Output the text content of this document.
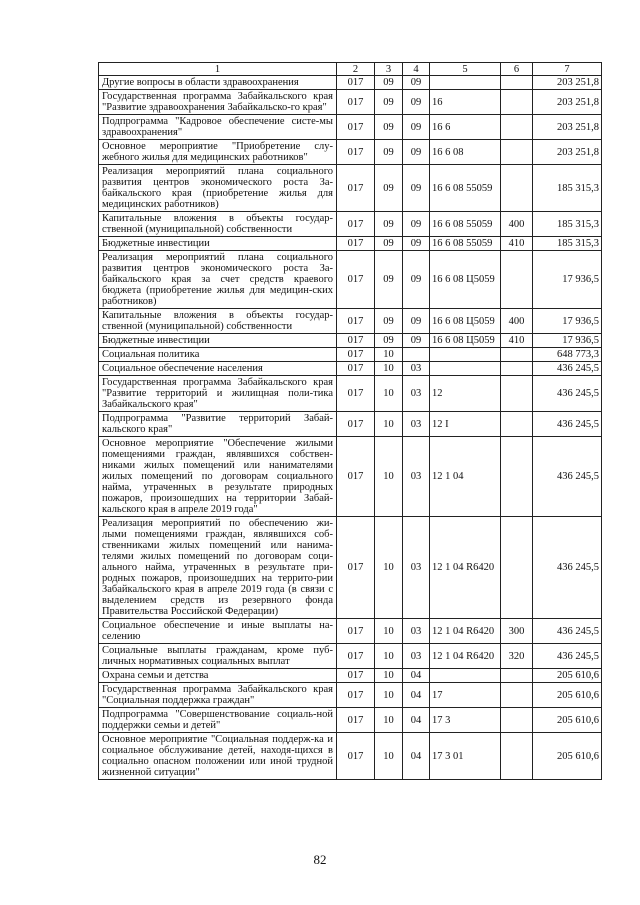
1	2	3	4	5	6	7
Другие вопросы в области здравоохранения	017	09	09			203 251,8
Государственная программа Забайкальского края "Развитие здравоохранения Забайкальско-го края"	017	09	09	16		203 251,8
Подпрограмма "Кадровое обеспечение систе-мы здравоохранения"	017	09	09	16 6		203 251,8
Основное мероприятие "Приобретение слу-жебного жилья для медицинских работников"	017	09	09	16 6 08		203 251,8
Реализация мероприятий плана социального развития центров экономического роста За-байкальского края (приобретение жилья для медицинских работников)	017	09	09	16 6 08 55059		185 315,3
Капитальные вложения в объекты государ-ственной (муниципальной) собственности	017	09	09	16 6 08 55059	400	185 315,3
Бюджетные инвестиции	017	09	09	16 6 08 55059	410	185 315,3
Реализация мероприятий плана социального развития центров экономического роста За-байкальского края за счет средств краевого бюджета (приобретение жилья для медицин-ских работников)	017	09	09	16 6 08 Ц5059		17 936,5
Капитальные вложения в объекты государ-ственной (муниципальной) собственности	017	09	09	16 6 08 Ц5059	400	17 936,5
Бюджетные инвестиции	017	09	09	16 6 08 Ц5059	410	17 936,5
Социальная политика	017	10				648 773,3
Социальное обеспечение населения	017	10	03			436 245,5
Государственная программа Забайкальского края "Развитие территорий и жилищная поли-тика Забайкальского края"	017	10	03	12		436 245,5
Подпрограмма "Развитие территорий Забай-кальского края"	017	10	03	12 I		436 245,5
Основное мероприятие "Обеспечение жилыми помещениями граждан, являвшихся собствен-никами жилых помещений или нанимателями жилых помещений по договорам социального найма, утраченных в результате природных пожаров, произошедших на территории Забай-кальского края в апреле 2019 года"	017	10	03	12 1 04		436 245,5
Реализация мероприятий по обеспечению жи-лыми помещениями граждан, являвшихся соб-ственниками жилых помещений или нанима-телями жилых помещений по договорам соци-ального найма, утраченных в результате при-родных пожаров, произошедших на террито-рии Забайкальского края в апреле 2019 года (в связи с выделением средств из резервного фонда Правительства Российской Федерации)	017	10	03	12 1 04 R6420		436 245,5
Социальное обеспечение и иные выплаты на-селению	017	10	03	12 1 04 R6420	300	436 245,5
Социальные выплаты гражданам, кроме пуб-личных нормативных социальных выплат	017	10	03	12 1 04 R6420	320	436 245,5
Охрана семьи и детства	017	10	04			205 610,6
Государственная программа Забайкальского края "Социальная поддержка граждан"	017	10	04	17		205 610,6
Подпрограмма "Совершенствование социаль-ной поддержки семьи и детей"	017	10	04	17 3		205 610,6
Основное мероприятие "Социальная поддерж-ка и социальное обслуживание детей, находя-щихся в социально опасном положении или иной трудной жизненной ситуации"	017	10	04	17 3 01		205 610,6
82
